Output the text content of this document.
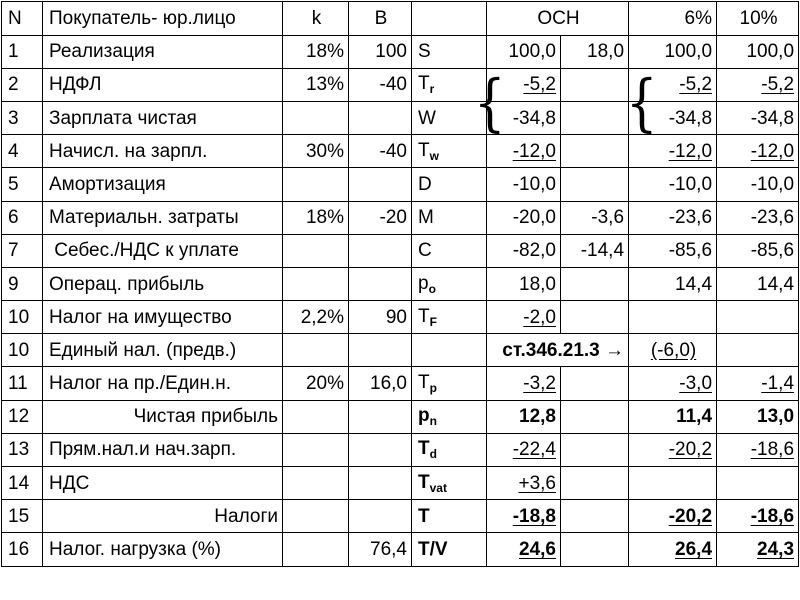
N	Покупатель- юр.лицо	k	B		ОСН		6%	10%
1	Реализация	18%	100	S	100,0	18,0	100,0	100,0
2	НДФЛ	13%	-40	$T_r$	-5,2		-5,2	-5,2
3	Зарплата чистая			W	-34,8		-34,8	-34,8
4	Начисл. на зарпл.	30%	-40	$T_w$	-12,0		-12,0	-12,0
5	Амортизация			D	-10,0		-10,0	-10,0
6	Материальн. затраты	18%	-20	M	-20,0	-3,6	-23,6	-23,6
7	Себес./НДС к уплате			C	-82,0	-14,4	-85,6	-85,6
9	Операц. прибыль			$p_o$	18,0		14,4	14,4
10	Налог на имущество	2,2%	90	$T_F$	-2,0			
10	Единый нал. (предв.)				ст.346.21.3 →		(-6,0)	
11	Налог на пр./Един.н.	20%	16,0	$T_p$	-3,2		-3,0	-1,4
12	Чистая прибыль			$p_n$	12,8		11,4	13,0
13	Прям.нал.и нач.зарп.			$T_d$	-22,4		-20,2	-18,6
14	НДС			$T_{vat}$	+3,6			
15	Налоги			T	-18,8		-20,2	-18,6
16	Налог. нагрузка (%)		76,4	T/V	24,6		26,4	24,3
{ {
